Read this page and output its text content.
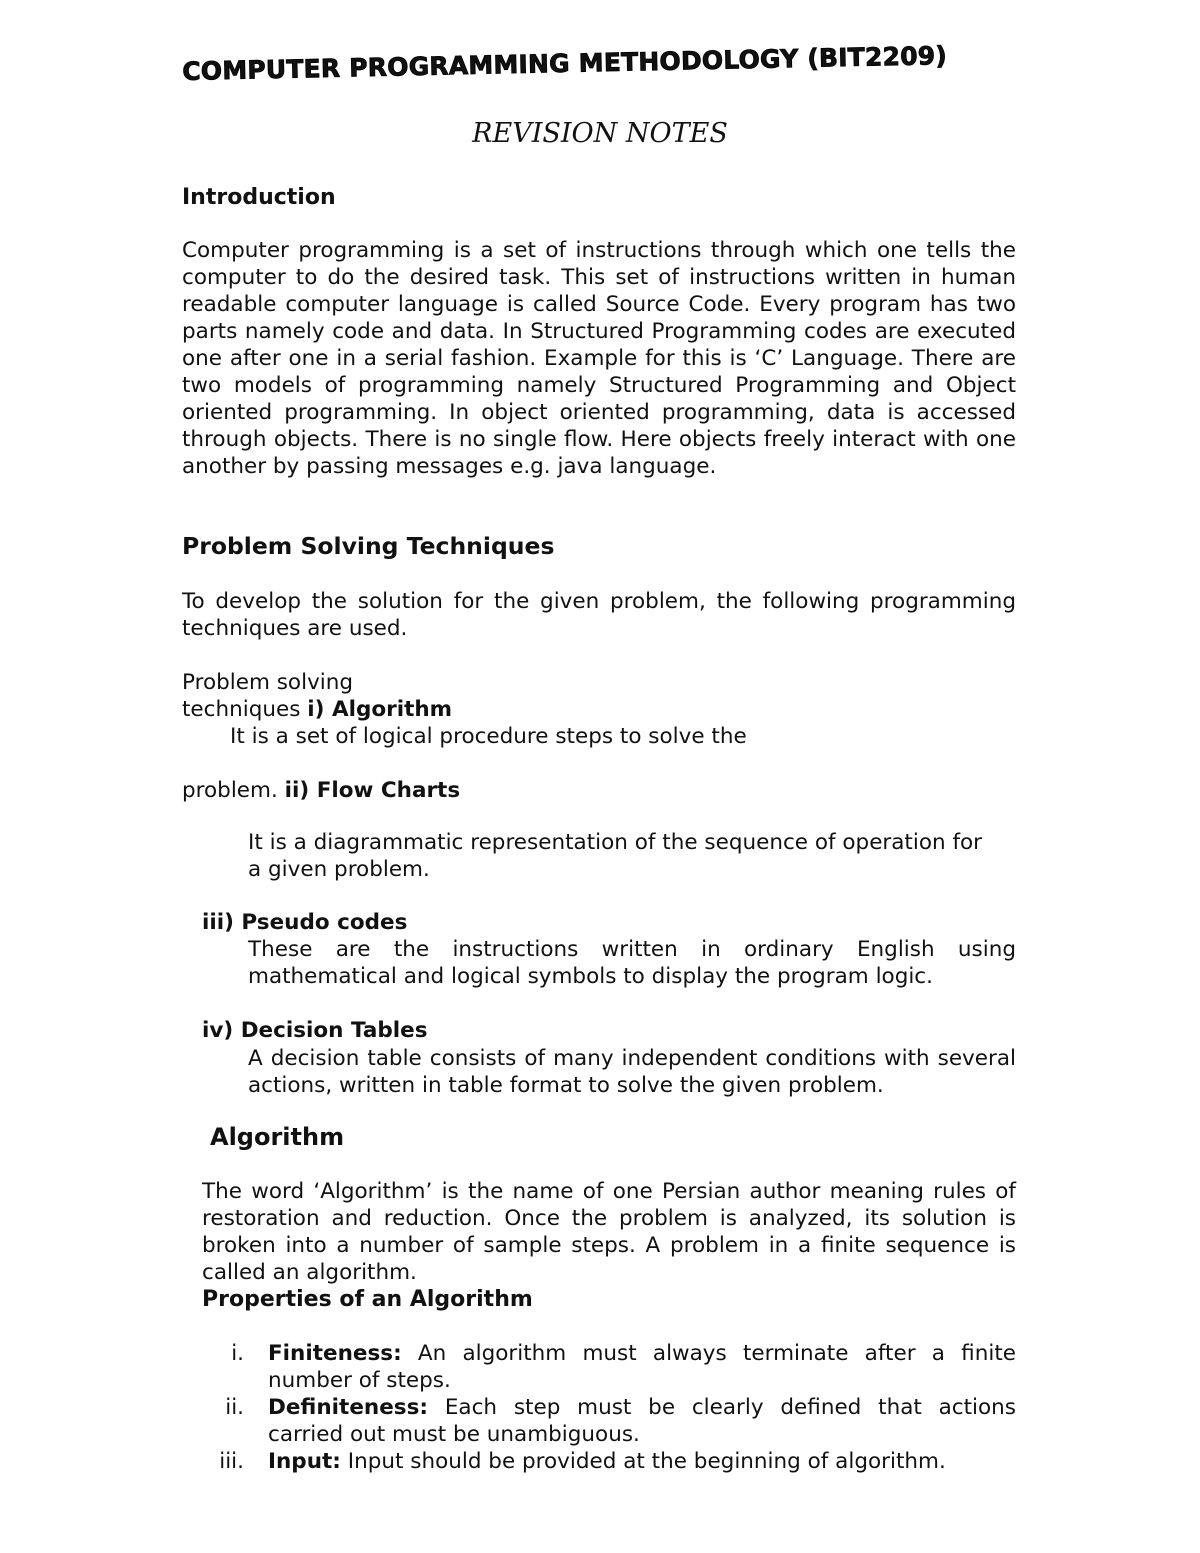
COMPUTER PROGRAMMING METHODOLOGY (BIT2209)
REVISION NOTES
Introduction
Computer programming is a set of instructions through which one tells the computer to do the desired task. This set of instructions written in human readable computer language is called Source Code. Every program has two parts namely code and data. In Structured Programming codes are executed one after one in a serial fashion. Example for this is ‘C’ Language. There are two models of programming namely Structured Programming and Object oriented programming. In object oriented programming, data is accessed through objects. There is no single flow. Here objects freely interact with one another by passing messages e.g. java language.
Problem Solving Techniques
To develop the solution for the given problem, the following programming techniques are used.
Problem solving
techniques i) Algorithm
It is a set of logical procedure steps to solve the
problem. ii) Flow Charts
It is a diagrammatic representation of the sequence of operation for a given problem.
iii) Pseudo codes
These are the instructions written in ordinary English using mathematical and logical symbols to display the program logic.
iv) Decision Tables
A decision table consists of many independent conditions with several actions, written in table format to solve the given problem.
Algorithm
The word ‘Algorithm’ is the name of one Persian author meaning rules of restoration and reduction. Once the problem is analyzed, its solution is broken into a number of sample steps. A problem in a finite sequence is called an algorithm.
Properties of an Algorithm
i. Finiteness: An algorithm must always terminate after a finite number of steps.
ii. Definiteness: Each step must be clearly defined that actions carried out must be unambiguous.
iii. Input: Input should be provided at the beginning of algorithm.
